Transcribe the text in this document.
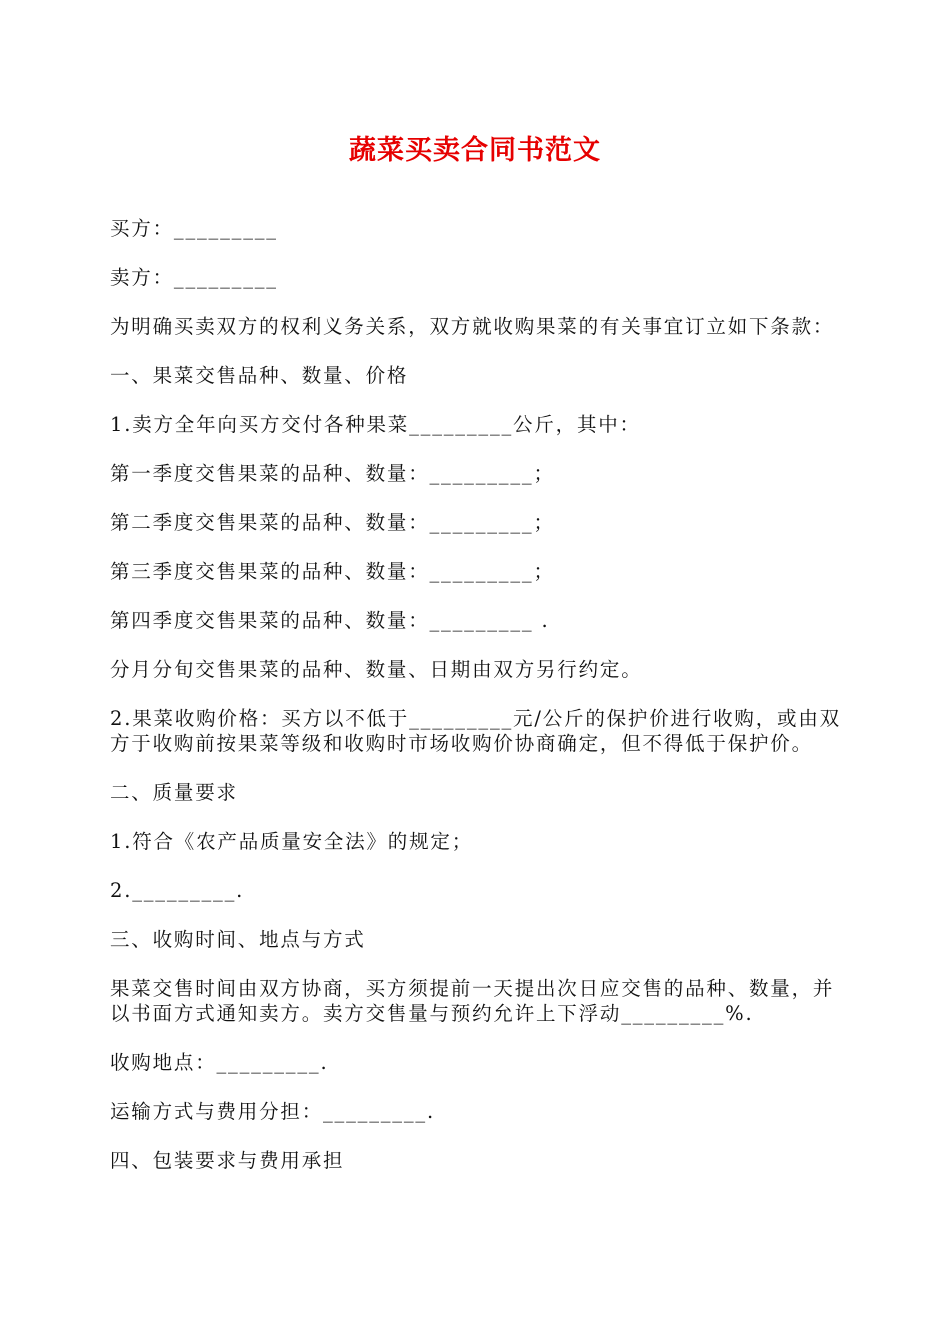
蔬菜买卖合同书范文

买方：_________

卖方：_________

为明确买卖双方的权利义务关系，双方就收购果菜的有关事宜订立如下条款：

一、果菜交售品种、数量、价格

1.卖方全年向买方交付各种果菜_________公斤，其中：

第一季度交售果菜的品种、数量：_________；

第二季度交售果菜的品种、数量：_________；

第三季度交售果菜的品种、数量：_________；

第四季度交售果菜的品种、数量：_________ .

分月分旬交售果菜的品种、数量、日期由双方另行约定。

2.果菜收购价格：买方以不低于_________元/公斤的保护价进行收购，或由双方于收购前按果菜等级和收购时市场收购价协商确定，但不得低于保护价。

二、质量要求

1.符合《农产品质量安全法》的规定；

2._________.

三、收购时间、地点与方式

果菜交售时间由双方协商，买方须提前一天提出次日应交售的品种、数量，并以书面方式通知卖方。卖方交售量与预约允许上下浮动_________%.

收购地点：_________.

运输方式与费用分担：_________.

四、包装要求与费用承担
